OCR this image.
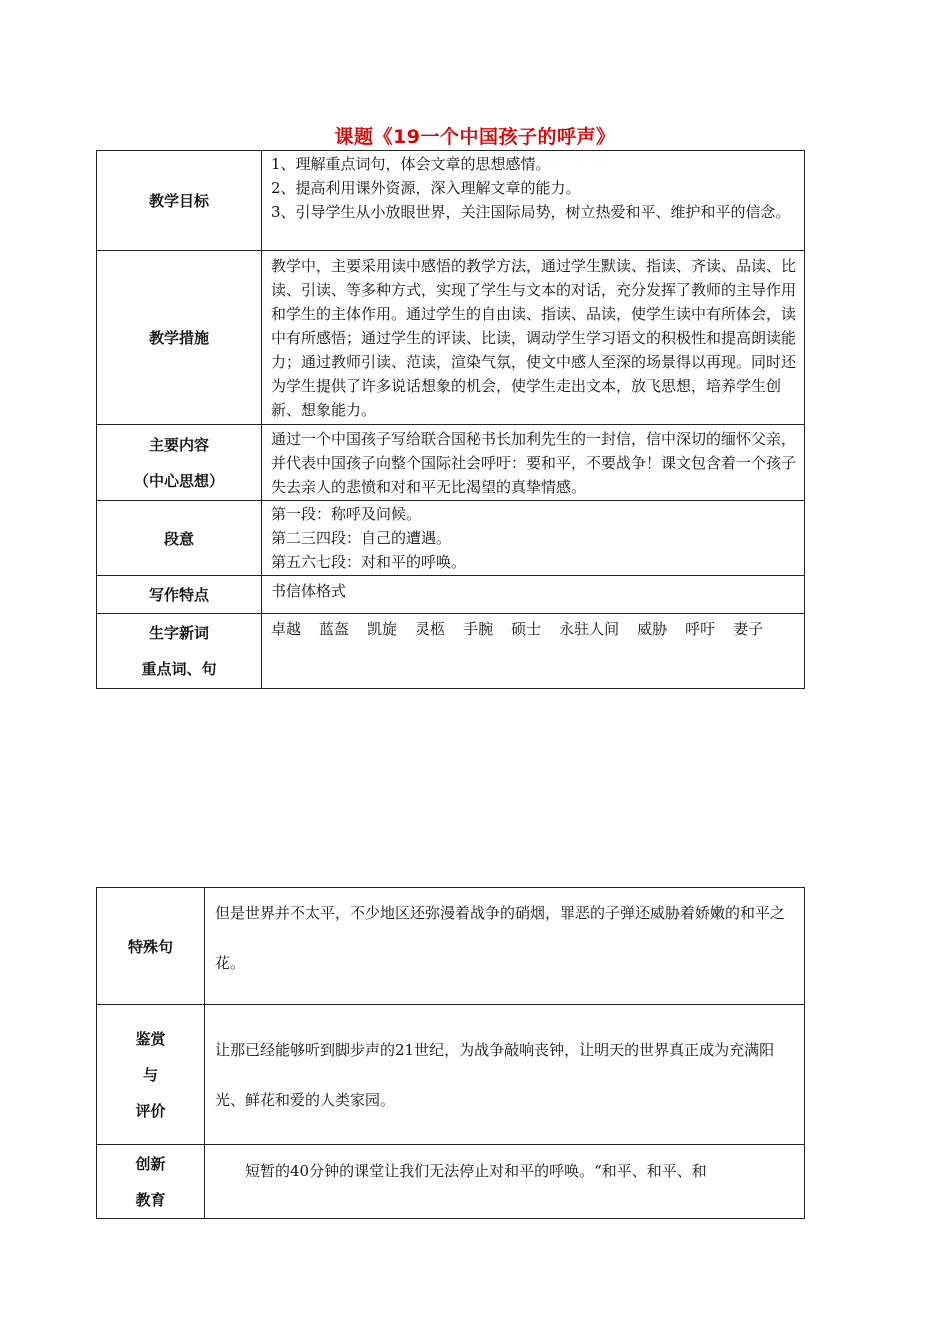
课题《19一个中国孩子的呼声》
教学目标	1、理解重点词句，体会文章的思想感情。
2、提高利用课外资源，深入理解文章的能力。
3、引导学生从小放眼世界，关注国际局势，树立热爱和平、维护和平的信念。

教学措施	教学中，主要采用读中感悟的教学方法，通过学生默读、指读、齐读、品读、比读、引读、等多种方式，实现了学生与文本的对话，充分发挥了教师的主导作用和学生的主体作用。通过学生的自由读、指读、品读，使学生读中有所体会，读中有所感悟；通过学生的评读、比读，调动学生学习语文的积极性和提高朗读能力；通过教师引读、范读，渲染气氛，使文中感人至深的场景得以再现。同时还为学生提供了许多说话想象的机会，使学生走出文本，放飞思想，培养学生创新、想象能力。

主要内容
（中心思想）	通过一个中国孩子写给联合国秘书长加利先生的一封信，信中深切的缅怀父亲，并代表中国孩子向整个国际社会呼吁：要和平，不要战争！课文包含着一个孩子失去亲人的悲愤和对和平无比渴望的真挚情感。

段意	第一段：称呼及问候。
第二三四段：自己的遭遇。
第五六七段：对和平的呼唤。

写作特点	书信体格式

生字新词
重点词、句	卓越 蓝盔 凯旋 灵柩 手腕 硕士 永驻人间 威胁 呼吁 妻子
特殊句	但是世界并不太平，不少地区还弥漫着战争的硝烟，罪恶的子弹还威胁着娇嫩的和平之花。

鉴赏
与
评价	让那已经能够听到脚步声的21世纪，为战争敲响丧钟，让明天的世界真正成为充满阳光、鲜花和爱的人类家园。

创新
教育	短暂的40分钟的课堂让我们无法停止对和平的呼唤。“和平、和平、和
